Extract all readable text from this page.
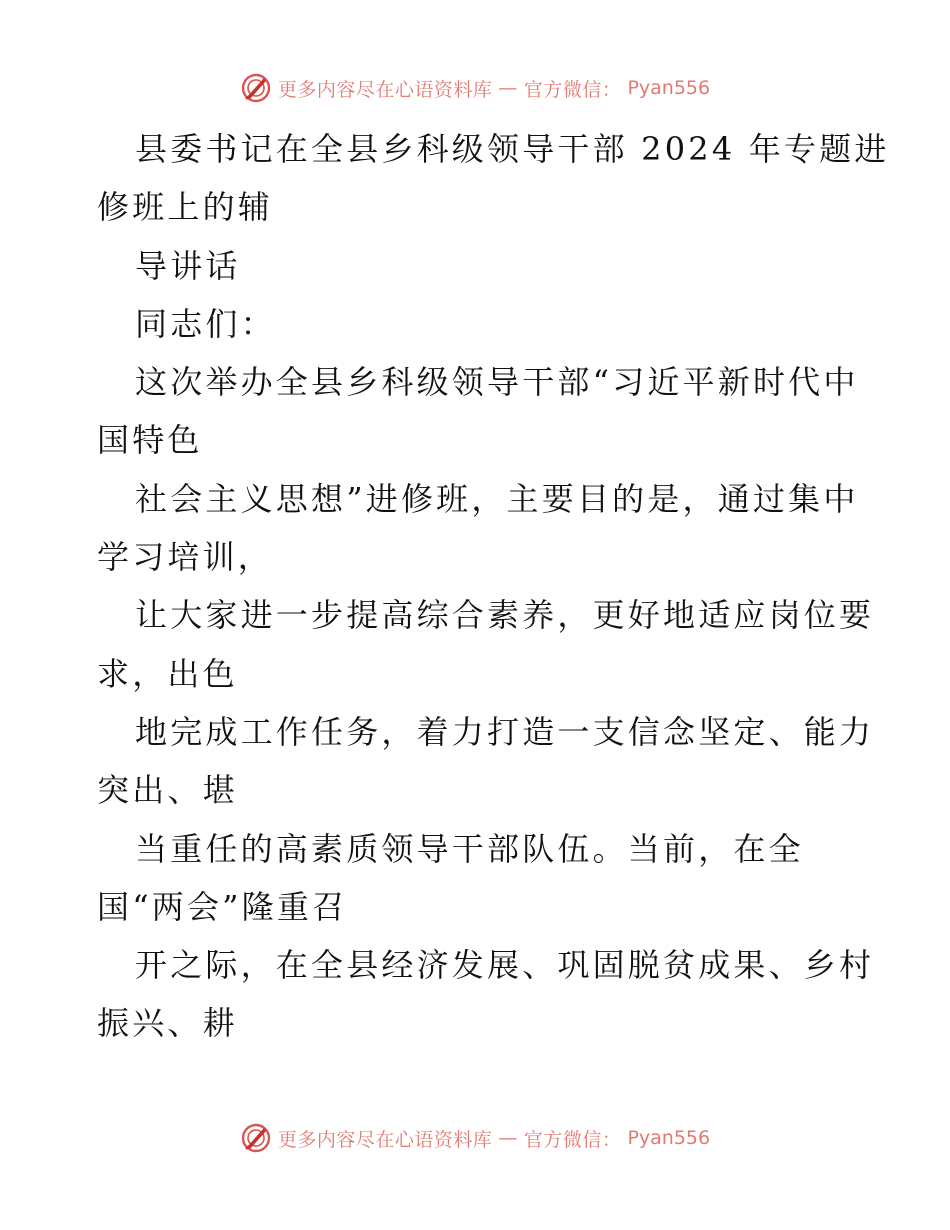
更多内容尽在心语资料库 — 官方微信： Pyan556
县委书记在全县乡科级领导干部 2024 年专题进
修班上的辅
导讲话
同志们：
这次举办全县乡科级领导干部“习近平新时代中
国特色
社会主义思想”进修班，主要目的是，通过集中
学习培训，
让大家进一步提高综合素养，更好地适应岗位要
求，出色
地完成工作任务，着力打造一支信念坚定、能力
突出、堪
当重任的高素质领导干部队伍。当前，在全
国“两会”隆重召
开之际，在全县经济发展、巩固脱贫成果、乡村
振兴、耕
更多内容尽在心语资料库 — 官方微信： Pyan556
